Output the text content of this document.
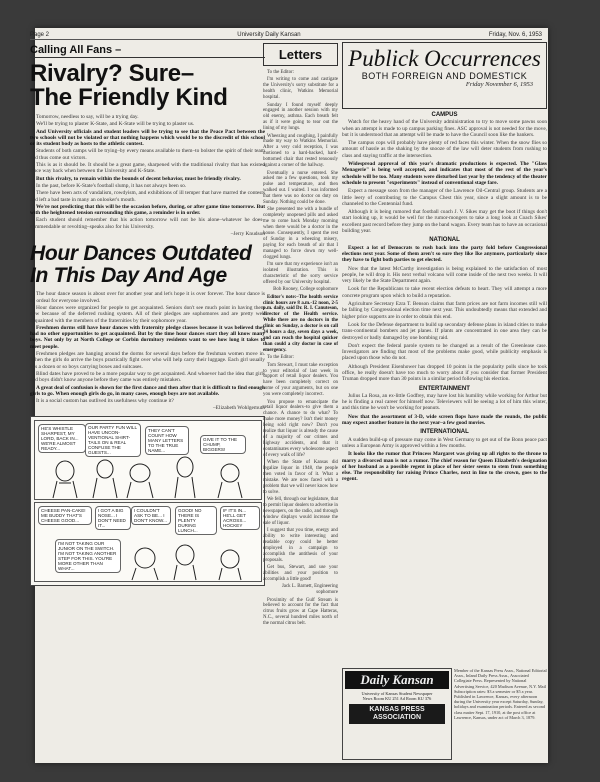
Page 2	University Daily Kansan	Friday, Nov. 6, 1953
Calling All Fans –
Rivalry? Sure–
The Friendly Kind

Tomorrow, needless to say, will be a trying day.

We'll be trying to plaster K-State, and K-State will be trying to plaster us.

And University officials and student leaders will be trying to see that the Peace Pact between the two schools will not be violated or that nothing happens which would be to the discredit of this school or its student body as hosts to the athletic contest.

Students of both camps will be trying–by every means available to them–to bolster the spirit of their team and thus come out victors.

This is as it should be. It should be a great game, sharpened with the traditional rivalry that has existed since way back when between the University and K-State.

But this rivalry, to remain within the bounds of decent behavior, must be friendly rivalry.

In the past, before K-State's football slump, it has not always been so.

There have been acts of vandalism, rowdyism, and exhibitions of ill temper that have marred the contests and left a bad taste in many an onlooker's mouth.

We're not predicting that this will be the occasion before, during, or after game time tomorrow. But with the heightened tension surrounding this game, a reminder is in order.

Each student should remember that his action tomorrow will not be his alone–whatever he does–commendable or revolting–speaks also for his University.

–Jerry Knudson
Hour Dances Outdated
In This Day And Age

The hour dance season is about over for another year and let's hope it is over forever. The hour dance is an ordeal for everyone involved.

Hour dances were organized for people to get acquainted. Seniors don't see much point in having them now because of the deferred rushing system. All of their pledges are sophomores and are pretty well acquainted with the members of the fraternities by their sophomore year.

Freshmen dorms still have hour dances with fraternity pledge classes because it was believed they had no other opportunities to get acquainted. But by the time hour dances start they all know many boys. Not only by at North College or Corbin dormitory residents want to see how long it takes to meet people.

Freshmen pledges are hanging around the dorms for several days before the freshman women move in. When the girls do arrive the boys practically fight over who will help carry their luggage. Each girl usually has a dozen or so boys carrying boxes and suitcases.

Blind dates have proved to be a more popular way to get acquainted. And whoever had the idea that girls and boys didn't know anyone before they came was entirely mistaken.

A great deal of confusion is shown for the first dance and then after that it is difficult to find enough girls to go. When enough girls do go, in many cases, enough boys are not available.

It is a social custom has outlived its usefulness why continue it?

–Elizabeth Wohlgemuth
HE'S WHISTLE SHARPEST, MY LORD, BACK IN... WE'RE ALMOST READY...
OUR PARTY FUN WILL HAVE UNCON-VENTIONAL SHIRT-TAILS ON & REAL CONFUSE THE GUESTS...
THEY CAN'T COUNT HOW MANY LETTERS TO THE TRUE NAME...
GIVE IT TO THE CHUMP, BIGGERS!
CHEESE PAN-CAKE! ME BUDDY THAT'S CHEESE GOOD...
I GOT A BIG NOSE... I DON'T NEED IT...
I COULDN'T ASK TO BE... I DON'T KNOW...
GOOD! NO THERE IS PLENTY DURING LUNCH...
IF IT'S IN... HE'LL GET ACROSS... HOCKEY
I'M NOT TAKING OUR JUNIOR ON THE SWITCH. I'M NOT TAKING ANOTHER STEP FOR THIS. YOU'RE MORE OTHER THAN WHAT...
Letters

To the Editor:

I'm writing to come and castigate the University's sorry substitute for a health clinic, Watkins Memorial hospital.

Sunday I found myself deeply engaged in another session with my old enemy, asthma. Each breath felt as if it were going to tear out the lining of my lungs.

Wheezing and coughing, I painfully made my way to Watkins Memorial. After a very cold reception, I was motioned to a hard-backed, hard-bottomed chair that rested tenuously against a corner of the hallway.

Eventually a nurse entered. She asked me a few questions, took my pulse and temperature, and then walked out. I waited. I was informed that there was no doctor on duty on Sunday. Nothing could be done.

She presented me with a bundle of completely unopened pills and asked me to come back Monday morning when there would be a doctor in the house. Consequently, I spent the rest of Sunday in a wheezing misery, paying for each breath of air that I managed to force down my well-clogged lungs.

I'm sure that my experience isn't an isolated illustration. This is characteristic of the sorry service offered by our University hospital.

Bob Rooney, College sophomore

Editor's note:–The health service clinic hours are 8 a.m.-12 noon, 2-5 p.m. daily, said Dr. R. I. Canuteson, director of the Health service. While there are no doctors in the clinic on Sunday, a doctor is on call 24 hours a day, seven days a week, and can reach the hospital quicker than could a city doctor in case of emergency.

To the Editor:

Tom Stewart, I must take exception to your editorial of last week in support of retail liquor dealers. You have been completely correct on some of your arguments, but on one you were completely incorrect.

You propose to emancipate the retail liquor dealers–to give them a chance. A chance to do what? To make more money? Isn't their money being sold right now? Don't you realize that liquor is already the cause of a majority of our crimes and highway accidents, and that it contaminates every wholesome aspect of every walk of life?

When the State of Kansas did legalize liquor in 1948, the people then voted in favor of it. What a mistake. We are now faced with a problem that we will never know how to solve.

We fell, through our legislature, that to permit liquor dealers to advertise in newspapers, on the radio, and through window displays would increase the sale of liquor.

I suggest that you time, energy and ability to write interesting and readable copy could be better employed in a campaign to accomplish the antithesis of your proposals.

Get bus, Stewart, and use your abilities and your position to accomplish a little good!

Jack L. Barnett, Engineering sophomore

Proximity of the Gulf Stream is believed to account for the fact that citrus fruits grow at Cape Hatteras, N.C., several hundred miles north of the normal citrus belt.

Publick Occurrences
BOTH FORREIGN AND DOMESTICK
Friday November 6, 1953
CAMPUS

Watch for the heavy hand of the University administration to try to move some pawns soon when an attempt is made to up campus parking fines. ASC approval is not needed for the move, but it is understood that an attempt will be made to have the Council soon like the bankers.

The campus cops will probably have plenty of red faces this winter. When the snow flies so amount of hassle as the shaking by the snooze of the law will deter students from rushing to class and staying traffic at the intersection.

Widespread approval of this year's dramatic productions is expected. The "Glass Menagerie" is being well accepted, and indicates that most of the rest of the year's schedule will be too. Many students were disturbed last year by the tendency of the theater schedule to present "experiments" instead of conventional stage fare.

Expect a message soon from the manager of the Lawrence Oil-Central group. Students are a little leery of contributing to the Campus Chest this year, since a slight amount is to be channeled to the Centennial fund.

Although it is being rumored that football coach J. V. Sikes may get the boot if things don't start looking up, it would be well for the rumor-mongers to take a long look at Coach Sikes' excellent past record before they jump on the band wagon. Every team has to have an occasional building year.

NATIONAL

Expect a lot of Democrats to rush back into the party fold before Congressional elections next year. Some of them aren't so sure they like Ike anymore, particularly since they have to fight both parties to get elected.

Now that the latest McCarthy investigation is being explained to the satisfaction of most people, he will drop it. His next verbal volcano will come inside of the next two weeks. It will very likely be the State Department again.

Look for the Republicans to take recent election defeats to heart. They will attempt a more concrete program upon which to build a reputation.

Agriculture Secretary Ezra T. Benson claims that farm prices are not farm incomes still will be falling by Congressional election time next year. This undoubtedly means that extended and higher price supports are in order to obtain this end.

Look for the Defense department to build up secondary defense plans in island cities to make trans-continental bombers and jet planes. If plants are concentrated in one area they can be destroyed or badly damaged by one bombing raid.

Don't expect the federal parole system to be changed as a result of the Greenlease case. Investigators are finding that most of the problems make good, while publicity emphasis is placed upon those who do not.

Although President Eisenhower has dropped 10 points in the popularity polls since he took office, he really doesn't have too much to worry about if you consider that former President Truman dropped more than 30 points in a similar period following his election.

ENTERTAINMENT

Julius La Rosa, an ex-little Godfrey, may have lost his humility while working for Arthur but he is finding a real career for himself now. Televiewers will be seeing a lot of him this winter, and this time he won't be working for peanuts.

Now that the assortment of 3-D, wide screen flops have made the rounds, the public may expect another feature in the next year–a few good movies.

INTERNATIONAL

A sudden build-up of pressure may come in West Germany to get out of the Bonn peace pact unless a European Army is approved within a few months.

It looks like the rumor that Princess Margaret was giving up all rights to the throne to marry a divorced man is not a rumor. The chief reason for Queen Elizabeth's designation of her husband as a possible regent in place of her sister seems to stem from something else. The responsibility for raising Prince Charles, next in line to the crown, goes to the regent.

Daily Kansan
University of Kansas Student Newspaper
News Room KU 251 Ad Room KU 376
KANSAS PRESS
ASSOCIATION
Member of the Kansas Press Assn., National Editorial Assn., Inland Daily Press Assn., Associated Collegiate Press. Represented by National Advertising Service, 420 Madison Avenue, N.Y. Mail Subscription rates: $3 a semester or $5 a year. Published in Lawrence, Kansas, every afternoon during the University year except Saturday, Sunday, holidays and examination periods. Entered as second class matter Sept. 17, 1910, at the post office at Lawrence, Kansas, under act of March 3, 1879.
